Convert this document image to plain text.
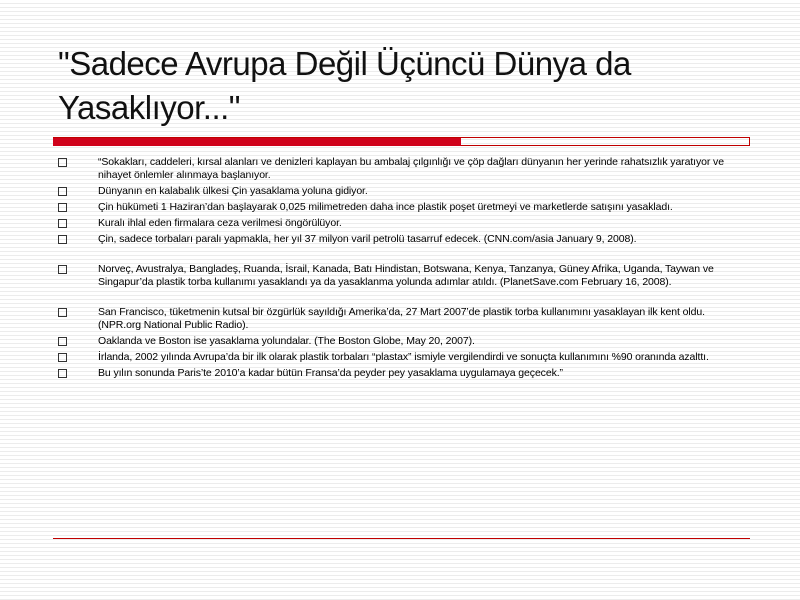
"Sadece Avrupa Değil Üçüncü Dünya da Yasaklıyor..."
“Sokakları, caddeleri, kırsal alanları ve denizleri kaplayan bu ambalaj çılgınlığı ve çöp dağları dünyanın her yerinde rahatsızlık yaratıyor ve nihayet önlemler alınmaya başlanıyor.
Dünyanın en kalabalık ülkesi Çin yasaklama yoluna gidiyor.
Çin hükümeti 1 Haziran’dan başlayarak 0,025 milimetreden daha ince plastik poşet üretmeyi ve marketlerde satışını yasakladı.
Kuralı ihlal eden firmalara ceza verilmesi öngörülüyor.
Çin, sadece torbaları paralı yapmakla, her yıl 37 milyon varil petrolü tasarruf edecek. (CNN.com/asia January 9, 2008).
Norveç, Avustralya, Bangladeş, Ruanda, İsrail, Kanada, Batı Hindistan, Botswana, Kenya, Tanzanya, Güney Afrika, Uganda, Taywan ve Singapur’da plastik torba kullanımı yasaklandı ya da yasaklanma yolunda adımlar atıldı. (PlanetSave.com February 16, 2008).
San Francisco, tüketmenin kutsal bir özgürlük sayıldığı Amerika’da, 27 Mart 2007’de plastik torba kullanımını yasaklayan ilk kent oldu. (NPR.org National Public Radio).
Oaklanda ve Boston ise yasaklama yolundalar. (The Boston Globe, May 20, 2007).
İrlanda, 2002 yılında Avrupa’da bir ilk olarak plastik torbaları “plastax” ismiyle vergilendirdi ve sonuçta kullanımını %90 oranında azalttı.
Bu yılın sonunda Paris’te 2010’a kadar bütün Fransa’da peyder pey yasaklama uygulamaya geçecek.”
